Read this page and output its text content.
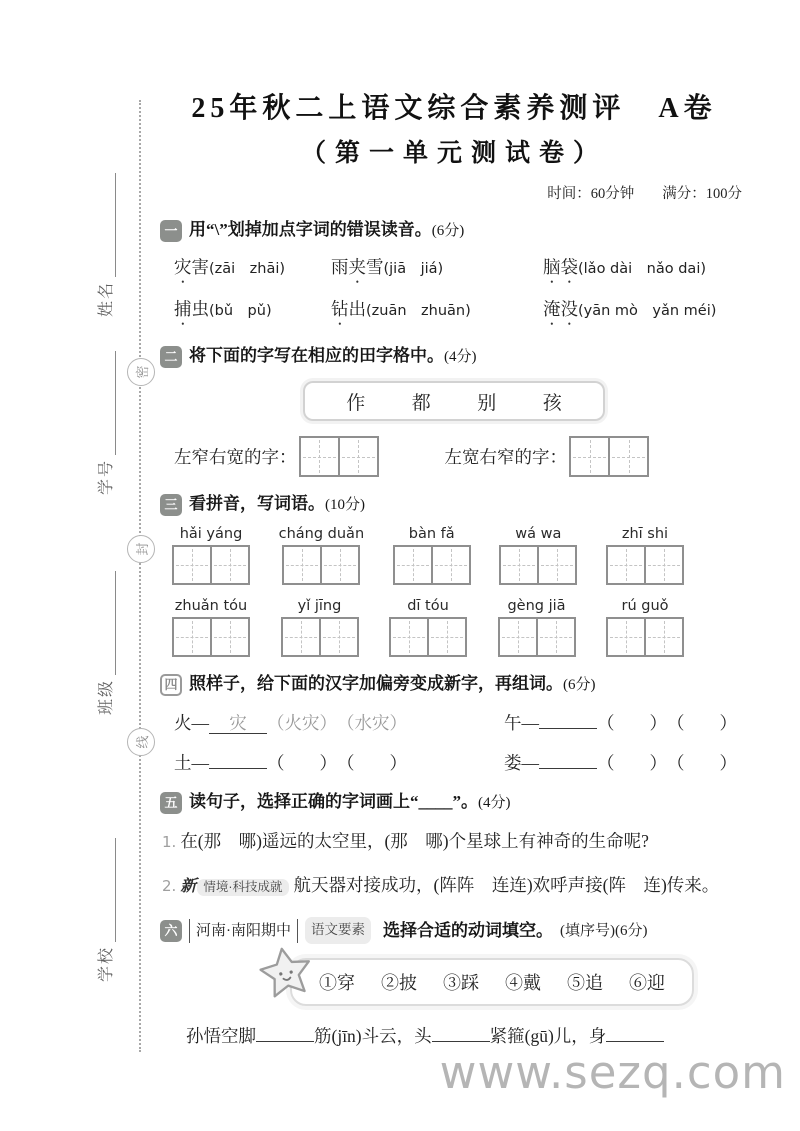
密
封
线
姓名
学号
班级
学校
25年秋二上语文综合素养测评　A卷
（第一单元测试卷）
时间：60分钟 满分：100分
一 用“\”划掉加点字词的错误读音。(6分)
灾害(zāi　zhāi)	雨夹雪(jiā　jiá)	脑袋(lǎo dài　nǎo dai)
捕虫(bǔ　pǔ)	钻出(zuān　zhuān)	淹没(yān mò　yǎn méi)
二 将下面的字写在相应的田字格中。(4分)
作 都 别 孩
左窄右宽的字：	左宽右窄的字：
三 看拼音，写词语。(10分)
hǎi yáng	cháng duǎn	bàn fǎ	wá wa	zhī shi
zhuǎn tóu	yǐ jīng	dī tóu	gèng jiā	rú guǒ
四 照样子，给下面的汉字加偏旁变成新字，再组词。(6分)
火— 灾 （火灾）（水灾）	午—	（　　）（　　）
土—	（　　）（　　）	娄—	（　　）（　　）
五 读句子，选择正确的字词画上“____”。(4分)
1. 在(那　哪)遥远的太空里，(那　哪)个星球上有神奇的生命呢?
2. 新 情境·科技成就 航天器对接成功，(阵阵　连连)欢呼声接(阵　连)传来。
六	河南·南阳期中	语文要素	选择合适的动词填空。 (填序号)(6分)
①穿 ②披 ③踩 ④戴 ⑤追 ⑥迎
孙悟空脚	筋(jīn)斗云，头	紧箍(gū)儿，身
www.sezq.com
